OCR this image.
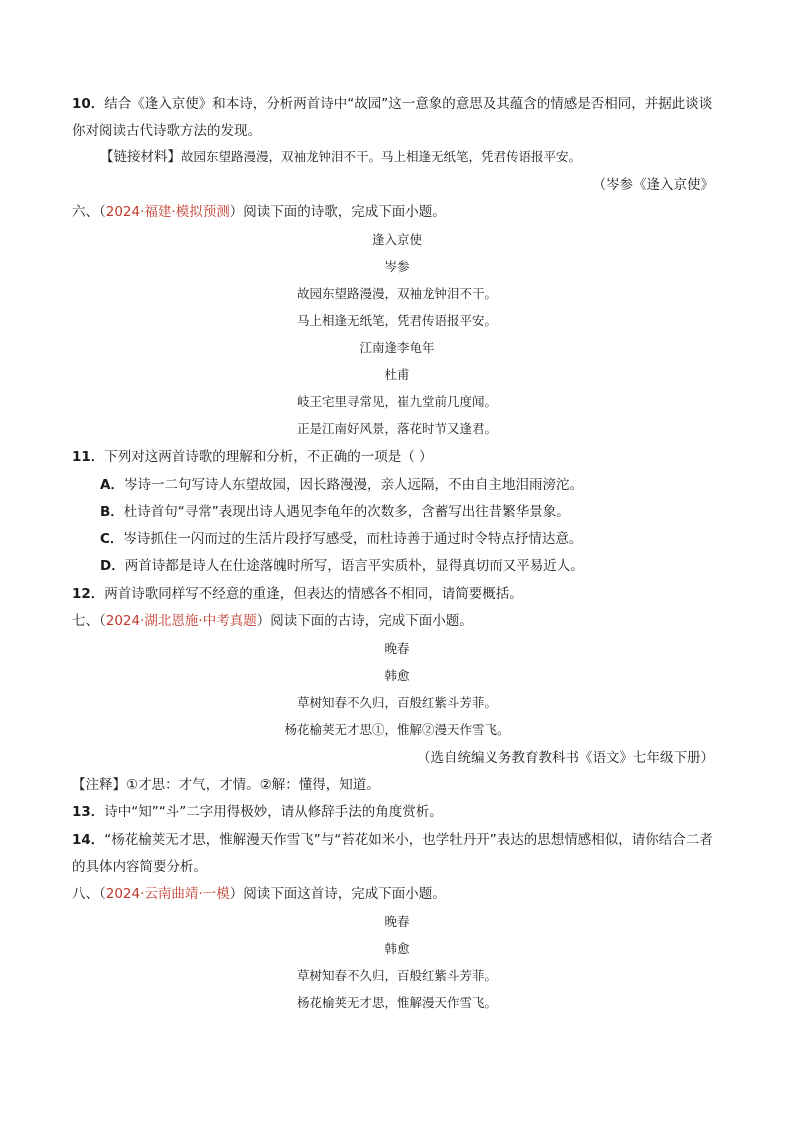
10．结合《逢入京使》和本诗，分析两首诗中“故园”这一意象的意思及其蕴含的情感是否相同，并据此谈谈
你对阅读古代诗歌方法的发现。
【链接材料】故园东望路漫漫，双袖龙钟泪不干。马上相逢无纸笔，凭君传语报平安。
（岑参《逢入京使》
六、（2024·福建·模拟预测）阅读下面的诗歌，完成下面小题。
逢入京使
岑参
故园东望路漫漫，双袖龙钟泪不干。
马上相逢无纸笔，凭君传语报平安。
江南逢李龟年
杜甫
岐王宅里寻常见，崔九堂前几度闻。
正是江南好风景，落花时节又逢君。
11．下列对这两首诗歌的理解和分析，不正确的一项是（ ）
A．岑诗一二句写诗人东望故园，因长路漫漫，亲人远隔，不由自主地泪雨滂沱。
B．杜诗首句“寻常”表现出诗人遇见李龟年的次数多，含蓄写出往昔繁华景象。
C．岑诗抓住一闪而过的生活片段抒写感受，而杜诗善于通过时令特点抒情达意。
D．两首诗都是诗人在仕途落魄时所写，语言平实质朴，显得真切而又平易近人。
12．两首诗歌同样写不经意的重逢，但表达的情感各不相同，请简要概括。
七、（2024·湖北恩施·中考真题）阅读下面的古诗，完成下面小题。
晚春
韩愈
草树知春不久归，百般红紫斗芳菲。
杨花榆荚无才思①，惟解②漫天作雪飞。
（选自统编义务教育教科书《语文》七年级下册）
【注释】①才思：才气，才情。②解：懂得，知道。
13．诗中“知”“斗”二字用得极妙，请从修辞手法的角度赏析。
14．“杨花榆荚无才思，惟解漫天作雪飞”与“苔花如米小，也学牡丹开”表达的思想情感相似，请你结合二者
的具体内容简要分析。
八、（2024·云南曲靖·一模）阅读下面这首诗，完成下面小题。
晚春
韩愈
草树知春不久归，百般红紫斗芳菲。
杨花榆荚无才思，惟解漫天作雪飞。
